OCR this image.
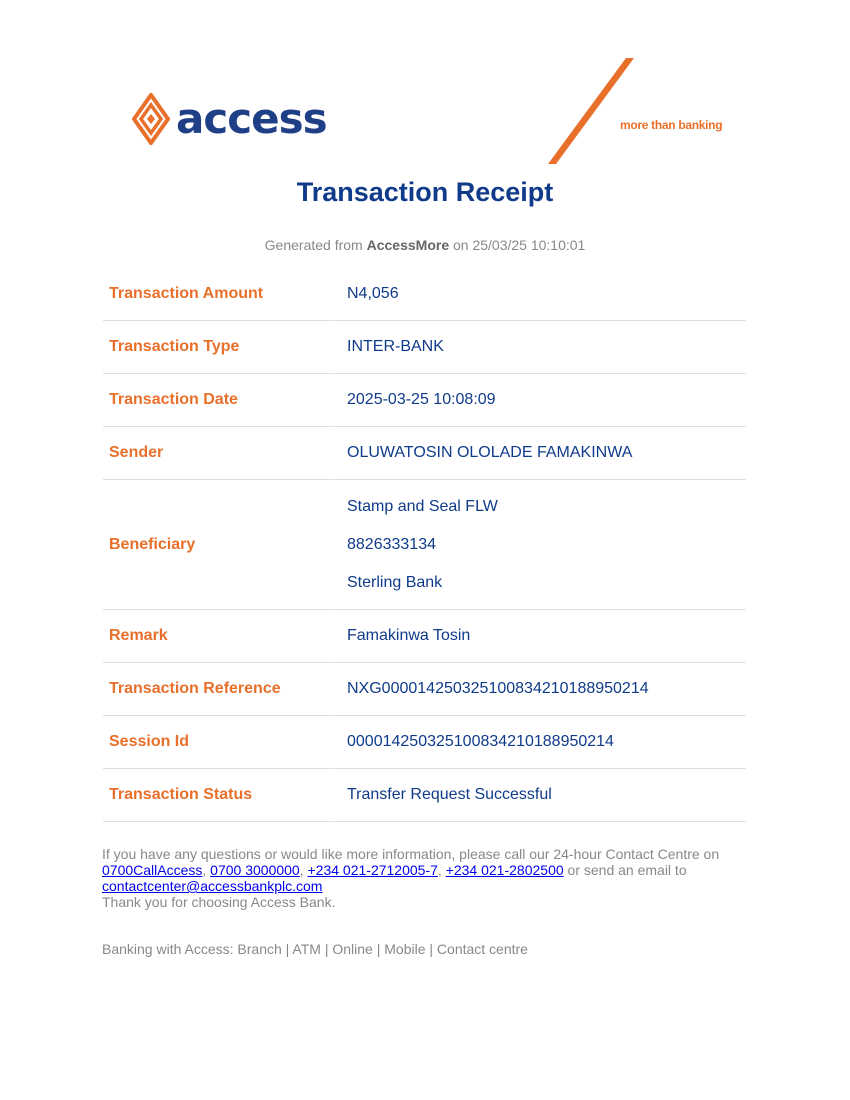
access	more than banking
Transaction Receipt
Generated from AccessMore on 25/03/25 10:10:01
Transaction Amount	N4,056
Transaction Type	INTER-BANK
Transaction Date	2025-03-25 10:08:09
Sender	OLUWATOSIN OLOLADE FAMAKINWA
Beneficiary	Stamp and Seal FLW
8826333134
Sterling Bank

Remark	Famakinwa Tosin
Transaction Reference	NXG000014250325100834210188950214
Session Id	000014250325100834210188950214
Transaction Status	Transfer Request Successful
If you have any questions or would like more information, please call our 24-hour Contact Centre on
0700CallAccess, 0700 3000000, +234 021-2712005-7, +234 021-2802500 or send an email to
contactcenter@accessbankplc.com
Thank you for choosing Access Bank.
Banking with Access: Branch | ATM | Online | Mobile | Contact centre
